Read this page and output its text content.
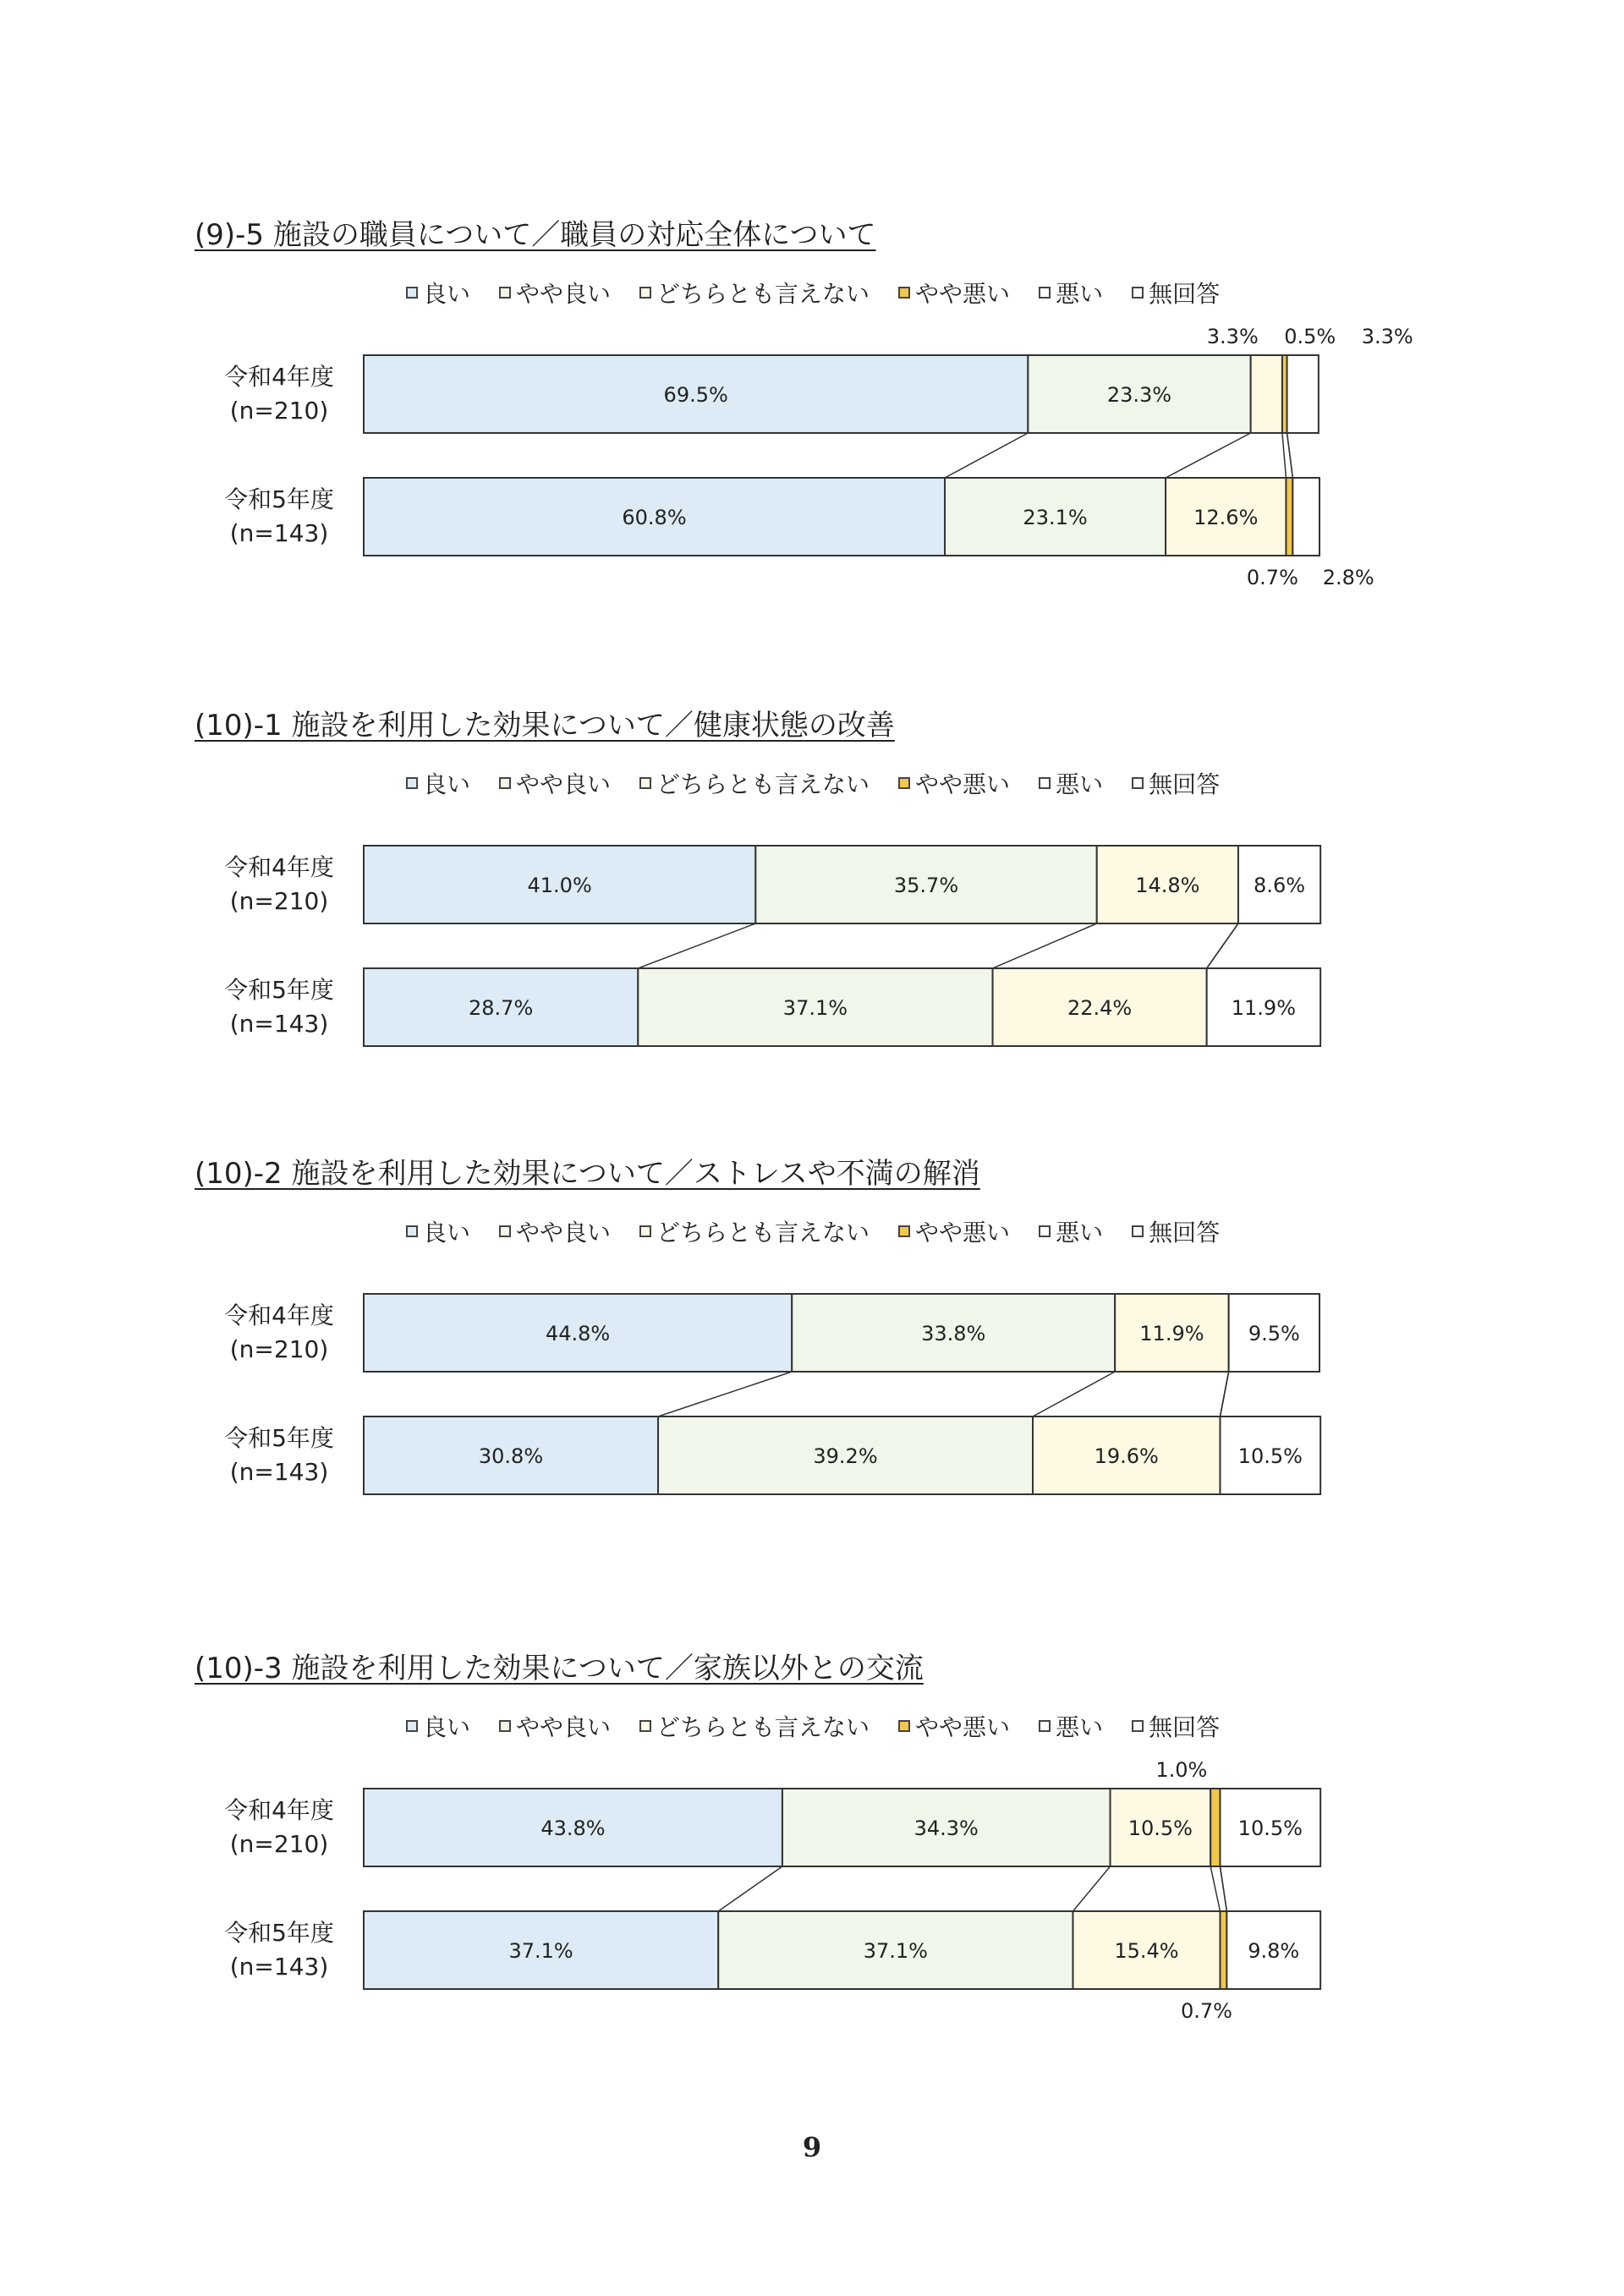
(9)-5 施設の職員について／職員の対応全体について
良い やや良い どちらとも言えない やや悪い 悪い 無回答
令和4年度
(n=210)
令和5年度
(n=143)
69.5%	23.3%
3.3% 0.5% 3.3%
60.8%	23.1%	12.6%
0.7% 2.8%
(10)-1 施設を利用した効果について／健康状態の改善
良い やや良い どちらとも言えない やや悪い 悪い 無回答
令和4年度
(n=210)
令和5年度
(n=143)
41.0%	35.7%	14.8%	8.6%
28.7%	37.1%	22.4%	11.9%
(10)-2 施設を利用した効果について／ストレスや不満の解消
良い やや良い どちらとも言えない やや悪い 悪い 無回答
令和4年度
(n=210)
令和5年度
(n=143)
44.8%	33.8%	11.9% 9.5%
30.8%	39.2%	19.6%	10.5%
(10)-3 施設を利用した効果について／家族以外との交流
良い やや良い どちらとも言えない やや悪い 悪い 無回答
令和4年度
(n=210)
令和5年度
(n=143)
43.8%	34.3%	10.5% 10.5%
1.0%
37.1%	37.1%	15.4%	9.8%
0.7%
9
